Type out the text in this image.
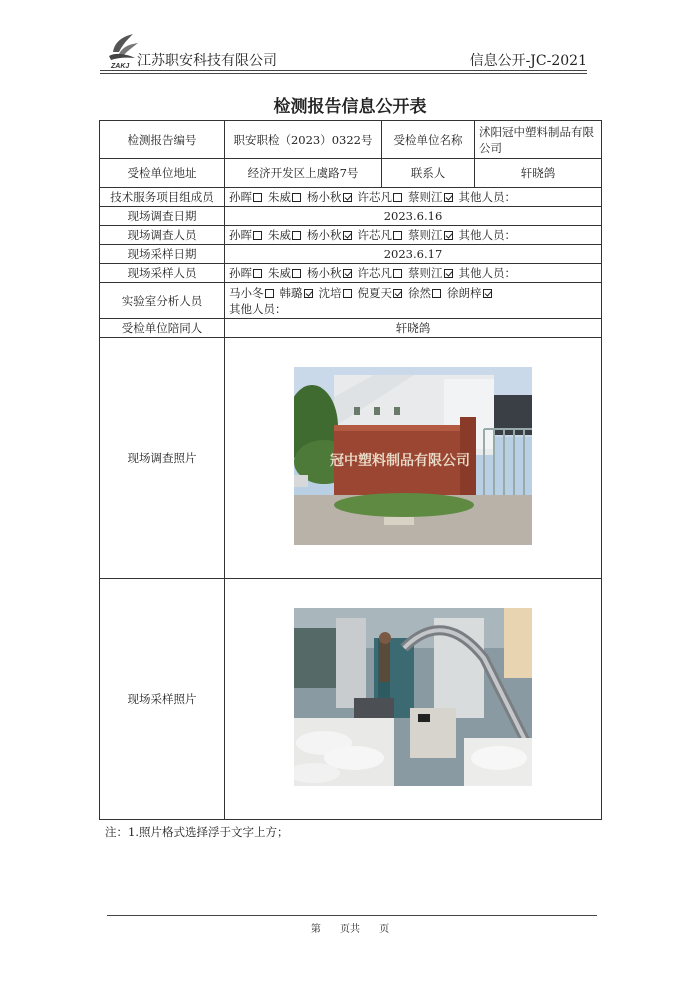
ZAKJ 江苏职安科技有限公司	信息公开-JC-2021
检测报告信息公开表
检测报告编号	职安职检（2023）0322号	受检单位名称	沭阳冠中塑料制品有限公司
受检单位地址	经济开发区上虞路7号	联系人	轩晓鸽
技术服务项目组成员	孙晖 朱威 杨小秋 许芯凡 蔡则江 其他人员：		
现场调查日期	2023.6.16		
现场调查人员	孙晖 朱威 杨小秋 许芯凡 蔡则江 其他人员：		
现场采样日期	2023.6.17		
现场采样人员	孙晖 朱威 杨小秋 许芯凡 蔡则江 其他人员：		
实验室分析人员	马小冬 韩璐 沈培 倪夏天 徐然 徐朗梓
其他人员：		

受检单位陪同人	轩晓鸽		
现场调查照片	冠中塑料制品有限公司		

现场采样照片	
注：1.照片格式选择浮于文字上方；
第 页共 页
